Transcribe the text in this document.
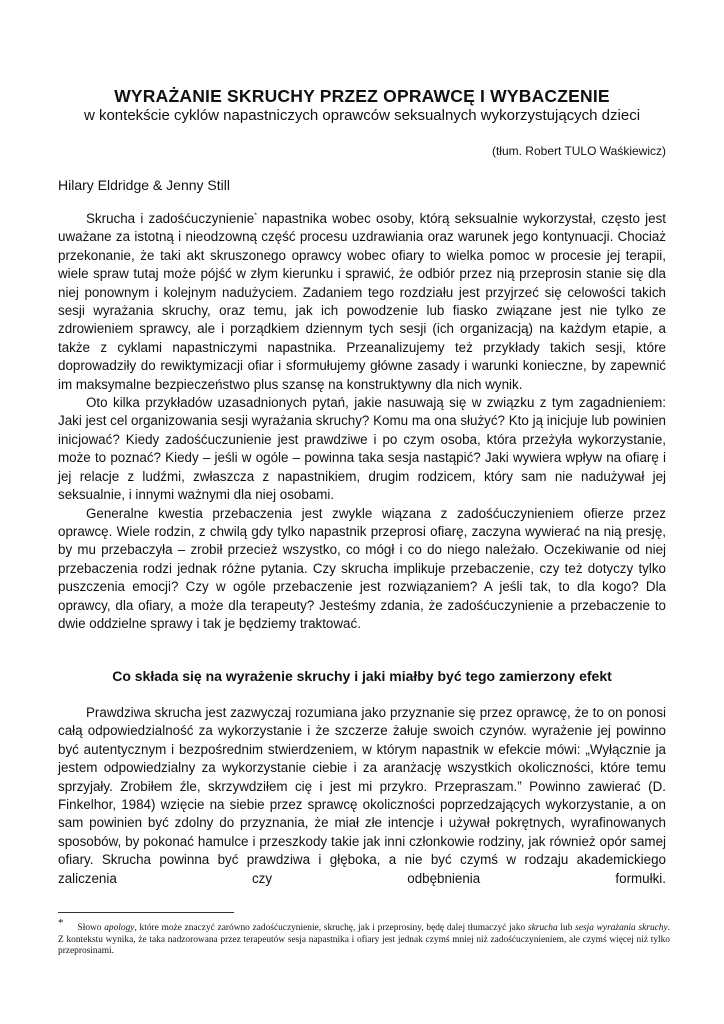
WYRAŻANIE SKRUCHY PRZEZ OPRAWCĘ I WYBACZENIE

w kontekście cyklów napastniczych oprawców seksualnych wykorzystujących dzieci

(tłum. Robert TULO Waśkiewicz)
Hilary Eldridge & Jenny Still

Skrucha i zadośćuczynienie* napastnika wobec osoby, którą seksualnie wykorzystał, często jest uważane za istotną i nieodzowną część procesu uzdrawiania oraz warunek jego kontynuacji. Chociaż przekonanie, że taki akt skruszonego oprawcy wobec ofiary to wielka pomoc w procesie jej terapii, wiele spraw tutaj może pójść w złym kierunku i sprawić, że odbiór przez nią przeprosin stanie się dla niej ponownym i kolejnym nadużyciem. Zadaniem tego rozdziału jest przyjrzeć się celowości takich sesji wyrażania skruchy, oraz temu, jak ich powodzenie lub fiasko związane jest nie tylko ze zdrowieniem sprawcy, ale i porządkiem dziennym tych sesji (ich organizacją) na każdym etapie, a także z cyklami napastniczymi napastnika. Przeanalizujemy też przykłady takich sesji, które doprowadziły do rewiktymizacji ofiar i sformułujemy główne zasady i warunki konieczne, by zapewnić im maksymalne bezpieczeństwo plus szansę na konstruktywny dla nich wynik.

Oto kilka przykładów uzasadnionych pytań, jakie nasuwają się w związku z tym zagadnieniem: Jaki jest cel organizowania sesji wyrażania skruchy? Komu ma ona służyć? Kto ją inicjuje lub powinien inicjować? Kiedy zadośćuczunienie jest prawdziwe i po czym osoba, która przeżyła wykorzystanie, może to poznać? Kiedy – jeśli w ogóle – powinna taka sesja nastąpić? Jaki wywiera wpływ na ofiarę i jej relacje z ludźmi, zwłaszcza z napastnikiem, drugim rodzicem, który sam nie nadużywał jej seksualnie, i innymi ważnymi dla niej osobami.

Generalne kwestia przebaczenia jest zwykle wiązana z zadośćuczynieniem ofierze przez oprawcę. Wiele rodzin, z chwilą gdy tylko napastnik przeprosi ofiarę, zaczyna wywierać na nią presję, by mu przebaczyła – zrobił przecież wszystko, co mógł i co do niego należało. Oczekiwanie od niej przebaczenia rodzi jednak różne pytania. Czy skrucha implikuje przebaczenie, czy też dotyczy tylko puszczenia emocji? Czy w ogóle przebaczenie jest rozwiązaniem? A jeśli tak, to dla kogo? Dla oprawcy, dla ofiary, a może dla terapeuty? Jesteśmy zdania, że zadośćuczynienie a przebaczenie to dwie oddzielne sprawy i tak je będziemy traktować.

Co składa się na wyrażenie skruchy i jaki miałby być tego zamierzony efekt

Prawdziwa skrucha jest zazwyczaj rozumiana jako przyznanie się przez oprawcę, że to on ponosi całą odpowiedzialność za wykorzystanie i że szczerze żałuje swoich czynów. wyrażenie jej powinno być autentycznym i bezpośrednim stwierdzeniem, w którym napastnik w efekcie mówi: „Wyłącznie ja jestem odpowiedzialny za wykorzystanie ciebie i za aranżację wszystkich okoliczności, które temu sprzyjały. Zrobiłem źle, skrzywdziłem cię i jest mi przykro. Przepraszam.” Powinno zawierać (D. Finkelhor, 1984) wzięcie na siebie przez sprawcę okoliczności poprzedzających wykorzystanie, a on sam powinien być zdolny do przyznania, że miał złe intencje i używał pokrętnych, wyrafinowanych sposobów, by pokonać hamulce i przeszkody takie jak inni członkowie rodziny, jak również opór samej ofiary. Skrucha powinna być prawdziwa i głęboka, a nie być czymś w rodzaju akademickiego zaliczenia czy odbębnienia formułki.

* Słowo apology, które może znaczyć zarówno zadośćuczynienie, skruchę, jak i przeprosiny, będę dalej tłumaczyć jako skrucha lub sesja wyrażania skruchy. Z kontekstu wynika, że taka nadzorowana przez terapeutów sesja napastnika i ofiary jest jednak czymś mniej niż zadośćuczynieniem, ale czymś więcej niż tylko przeprosinami.
